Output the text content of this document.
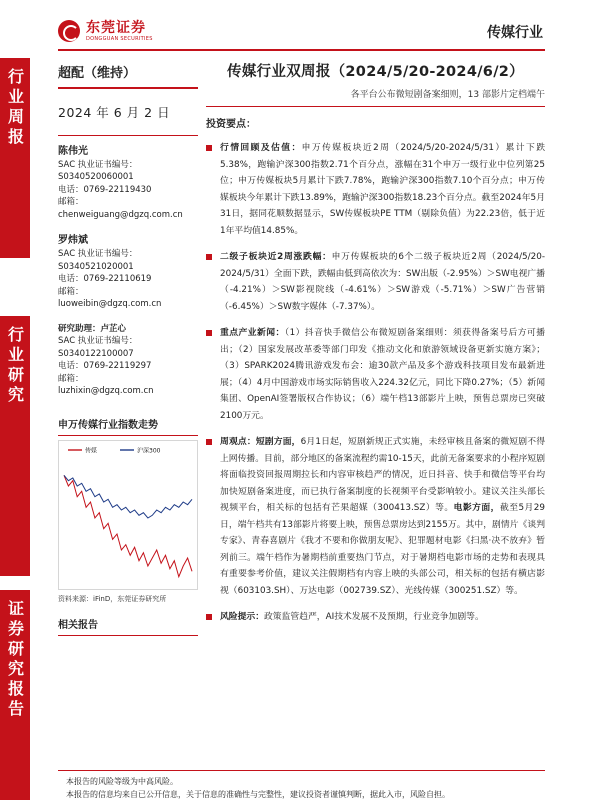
东莞证券
DONGGUAN SECURITIES	传媒行业
行业周报
行业研究
证券研究报告
超配（维持）
2024 年 6 月 2 日
陈伟光
SAC 执业证书编号：
S0340520060001
电话：0769-22119430
邮箱：
chenweiguang@dgzq.com.cn
罗炜斌
SAC 执业证书编号：
S0340521020001
电话：0769-22110619
邮箱：
luoweibin@dgzq.com.cn
研究助理：卢芷心
SAC 执业证书编号：
S0340122100007
电话：0769-22119297
邮箱：
luzhixin@dgzq.com.cn
申万传媒行业指数走势
传媒	沪深300
资料来源：iFinD，东莞证券研究所
相关报告
传媒行业双周报（2024/5/20-2024/6/2）
各平台公布微短剧备案细则，13 部影片定档端午
投资要点：
行情回顾及估值：申万传媒板块近2周（2024/5/20-2024/5/31）累计下跌5.38%，跑输沪深300指数2.71个百分点，涨幅在31个申万一级行业中位列第25位；申万传媒板块5月累计下跌7.78%，跑输沪深300指数7.10个百分点；申万传媒板块今年累计下跌13.89%，跑输沪深300指数18.23个百分点。截至2024年5月31日，据同花顺数据显示，SW传媒板块PE TTM（剔除负值）为22.23倍，低于近1年平均值14.85%。
二级子板块近2周涨跌幅：申万传媒板块的6个二级子板块近2周（2024/5/20-2024/5/31）全面下跌，跌幅由低到高依次为：SW出版（-2.95%）＞SW电视广播（-4.21%）＞SW影视院线（-4.61%）＞SW游戏（-5.71%）＞SW广告营销（-6.45%）＞SW数字媒体（-7.37%）。
重点产业新闻：（1）抖音快手微信公布微短剧备案细则：须获得备案号后方可播出；（2）国家发展改革委等部门印发《推动文化和旅游领域设备更新实施方案》；（3）SPARK2024腾讯游戏发布会：逾30款产品及多个游戏科技项目发布最新进展；（4）4月中国游戏市场实际销售收入224.32亿元，同比下降0.27%；（5）新闻集团、OpenAI签署版权合作协议；（6）端午档13部影片上映，预售总票房已突破2100万元。
周观点：短剧方面，6月1日起，短剧新规正式实施，未经审核且备案的微短剧不得上网传播。目前，部分地区的备案流程约需10-15天，此前无备案要求的小程序短剧将面临投资回报周期拉长和内容审核趋严的情况，近日抖音、快手和微信等平台均加快短剧备案进度，而已执行备案制度的长视频平台受影响较小。建议关注头部长视频平台，相关标的包括有芒果超媒（300413.SZ）等。电影方面，截至5月29日，端午档共有13部影片将要上映，预售总票房达到2155万。其中，剧情片《谈判专家》、青春喜剧片《我才不要和你做朋友呢》、犯罪题材电影《扫黑·决不放弃》暂列前三。端午档作为暑期档前重要热门节点，对于暑期档电影市场的走势和表现具有重要参考价值，建议关注假期档有内容上映的头部公司，相关标的包括有横店影视（603103.SH）、万达电影（002739.SZ）、光线传媒（300251.SZ）等。
风险提示：政策监管趋严，AI技术发展不及预期，行业竞争加剧等。
本报告的风险等级为中高风险。
本报告的信息均来自已公开信息，关于信息的准确性与完整性，建议投资者谨慎判断，据此入市，风险自担。
